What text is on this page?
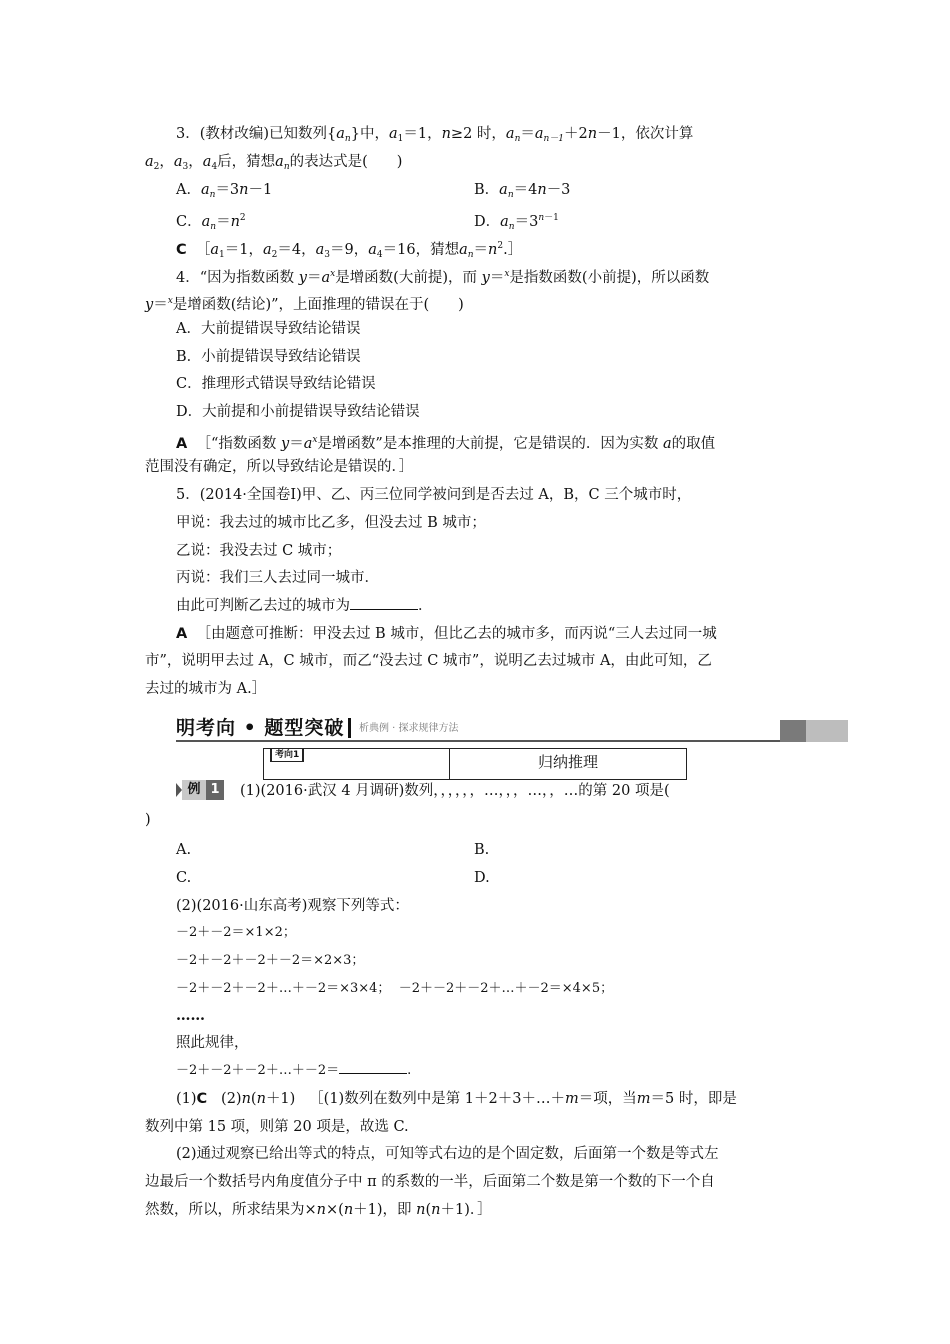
3．(教材改编)已知数列$\{a_n\}$中，$a_1=1$，n≥2 时，$a_n=a_{n-1}+2n-1$，依次计算
$a_2$，$a_3$，$a_4$后，猜想$a_n$的表达式是(　　)
A．$a_n=3n-1$	B．$a_n=4n-3$
C．$a_n=n^2$	D．$a_n=3^{n-1}$
C $[a_1=1$，$a_2=4$，$a_3=9$，$a_4=16$，猜想$a_n=n^2.]$
4．“因为指数函数 $y=a^x$是增函数(大前提)，而 y＝$^x$是指数函数(小前提)，所以函数
y＝$^x$是增函数(结论)”，上面推理的错误在于(　　)
A．大前提错误导致结论错误
B．小前提错误导致结论错误
C．推理形式错误导致结论错误
D．大前提和小前提错误导致结论错误
A ［“指数函数 $y=a^x$是增函数”是本推理的大前提，它是错误的．因为实数 a的取值
范围没有确定，所以导致结论是错误的．］
5．(2014·全国卷Ⅰ)甲、乙、丙三位同学被问到是否去过 A，B，C 三个城市时，
甲说：我去过的城市比乙多，但没去过 B 城市；
乙说：我没去过 C 城市；
丙说：我们三人去过同一城市．
由此可判断乙去过的城市为	．
A ［由题意可推断：甲没去过 B 城市，但比乙去的城市多，而丙说“三人去过同一城
市”，说明甲去过 A，C 城市，而乙“没去过 C 城市”，说明乙去过城市 A，由此可知，乙
去过的城市为 A.］
明考向 • 题型突破 析典例 · 探求规律方法
考向1	归纳推理
例 1	(1)(2016·武汉 4 月调研)数列，，，，，，…，，，…，，…的第 20 项是(
)
A.	B.
C.	D.
(2)(2016·山东高考)观察下列等式：
－2＋－2＝×1×2；
－2＋－2＋－2＋－2＝×2×3；
－2＋－2＋－2＋…＋－2＝×3×4； －2＋－2＋－2＋…＋－2＝×4×5；
……
照此规律，
－2＋－2＋－2＋…＋－2＝	.
(1)C (2)n(n＋1) ［(1)数列在数列中是第 1＋2＋3＋…＋m＝项，当m＝5 时，即是
数列中第 15 项，则第 20 项是，故选 C.
(2)通过观察已给出等式的特点，可知等式右边的是个固定数，后面第一个数是等式左
边最后一个数括号内角度值分子中 π 的系数的一半，后面第二个数是第一个数的下一个自
然数，所以，所求结果为×n×(n＋1)，即 n(n＋1)．］
